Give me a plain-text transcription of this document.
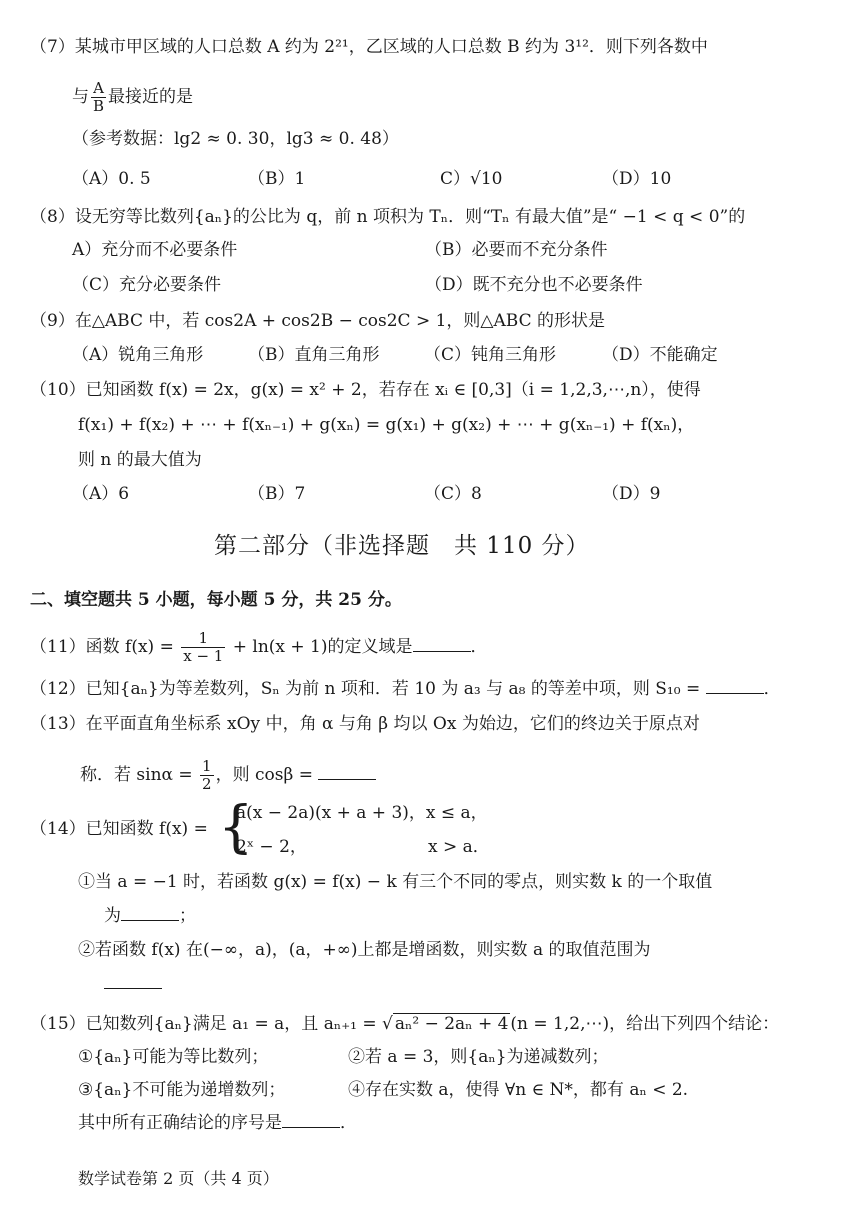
（7）某城市甲区域的人口总数 A 约为 2²¹，乙区域的人口总数 B 约为 3¹²．则下列各数中
与 $\frac{A}{B}$ 最接近的是
（参考数据：lg2 ≈ 0. 30，lg3 ≈ 0. 48）
（A）0. 5	（B）1	C）√10	（D）10
（8）设无穷等比数列{aₙ}的公比为 q，前 n 项积为 Tₙ．则“Tₙ 有最大值”是“ −1 < q < 0”的
A）充分而不必要条件	（B）必要而不充分条件
（C）充分必要条件	（D）既不充分也不必要条件
（9）在△ABC 中，若 cos2A + cos2B − cos2C > 1，则△ABC 的形状是
（A）锐角三角形	（B）直角三角形	（C）钝角三角形	（D）不能确定
（10）已知函数 f(x) = 2x，g(x) = x² + 2，若存在 xᵢ ∈ [0,3]（i = 1,2,3,⋯,n），使得
f(x₁) + f(x₂) + ⋯ + f(xₙ₋₁) + g(xₙ) = g(x₁) + g(x₂) + ⋯ + g(xₙ₋₁) + f(xₙ)，
则 n 的最大值为
（A）6	（B）7	（C）8	（D）9
第二部分（非选择题　共 110 分）
二、填空题共 5 小题，每小题 5 分，共 25 分。
（11）函数 $f(x) = \frac{1}{x - 1} + \ln(x + 1)$的定义域是	．
（12）已知{aₙ}为等差数列，Sₙ 为前 n 项和．若 10 为 a₃ 与 a₈ 的等差中项，则 S₁₀ =	．
（13）在平面直角坐标系 xOy 中，角 α 与角 β 均以 Ox 为始边，它们的终边关于原点对
称．若 $\sin\alpha = \frac{1}{2}$ ，则 cosβ =
（14）已知函数 f(x) = {
a(x − 2a)(x + a + 3)，x ≤ a，
2ˣ − 2，	x > a．
①当 a = −1 时，若函数 g(x) = f(x) − k 有三个不同的零点，则实数 k 的一个取值
为	；
②若函数 f(x) 在(−∞，a)，(a，+∞)上都是增函数，则实数 a 的取值范围为
（15）已知数列{aₙ}满足 a₁ = a，且 aₙ₊₁ = √ aₙ² − 2aₙ + 4 (n = 1,2,⋯)，给出下列四个结论：
①{aₙ}可能为等比数列；	②若 a = 3，则{aₙ}为递减数列；
③{aₙ}不可能为递增数列；	④存在实数 a，使得 ∀n ∈ N*，都有 aₙ < 2.
其中所有正确结论的序号是	．
数学试卷第 2 页（共 4 页）
